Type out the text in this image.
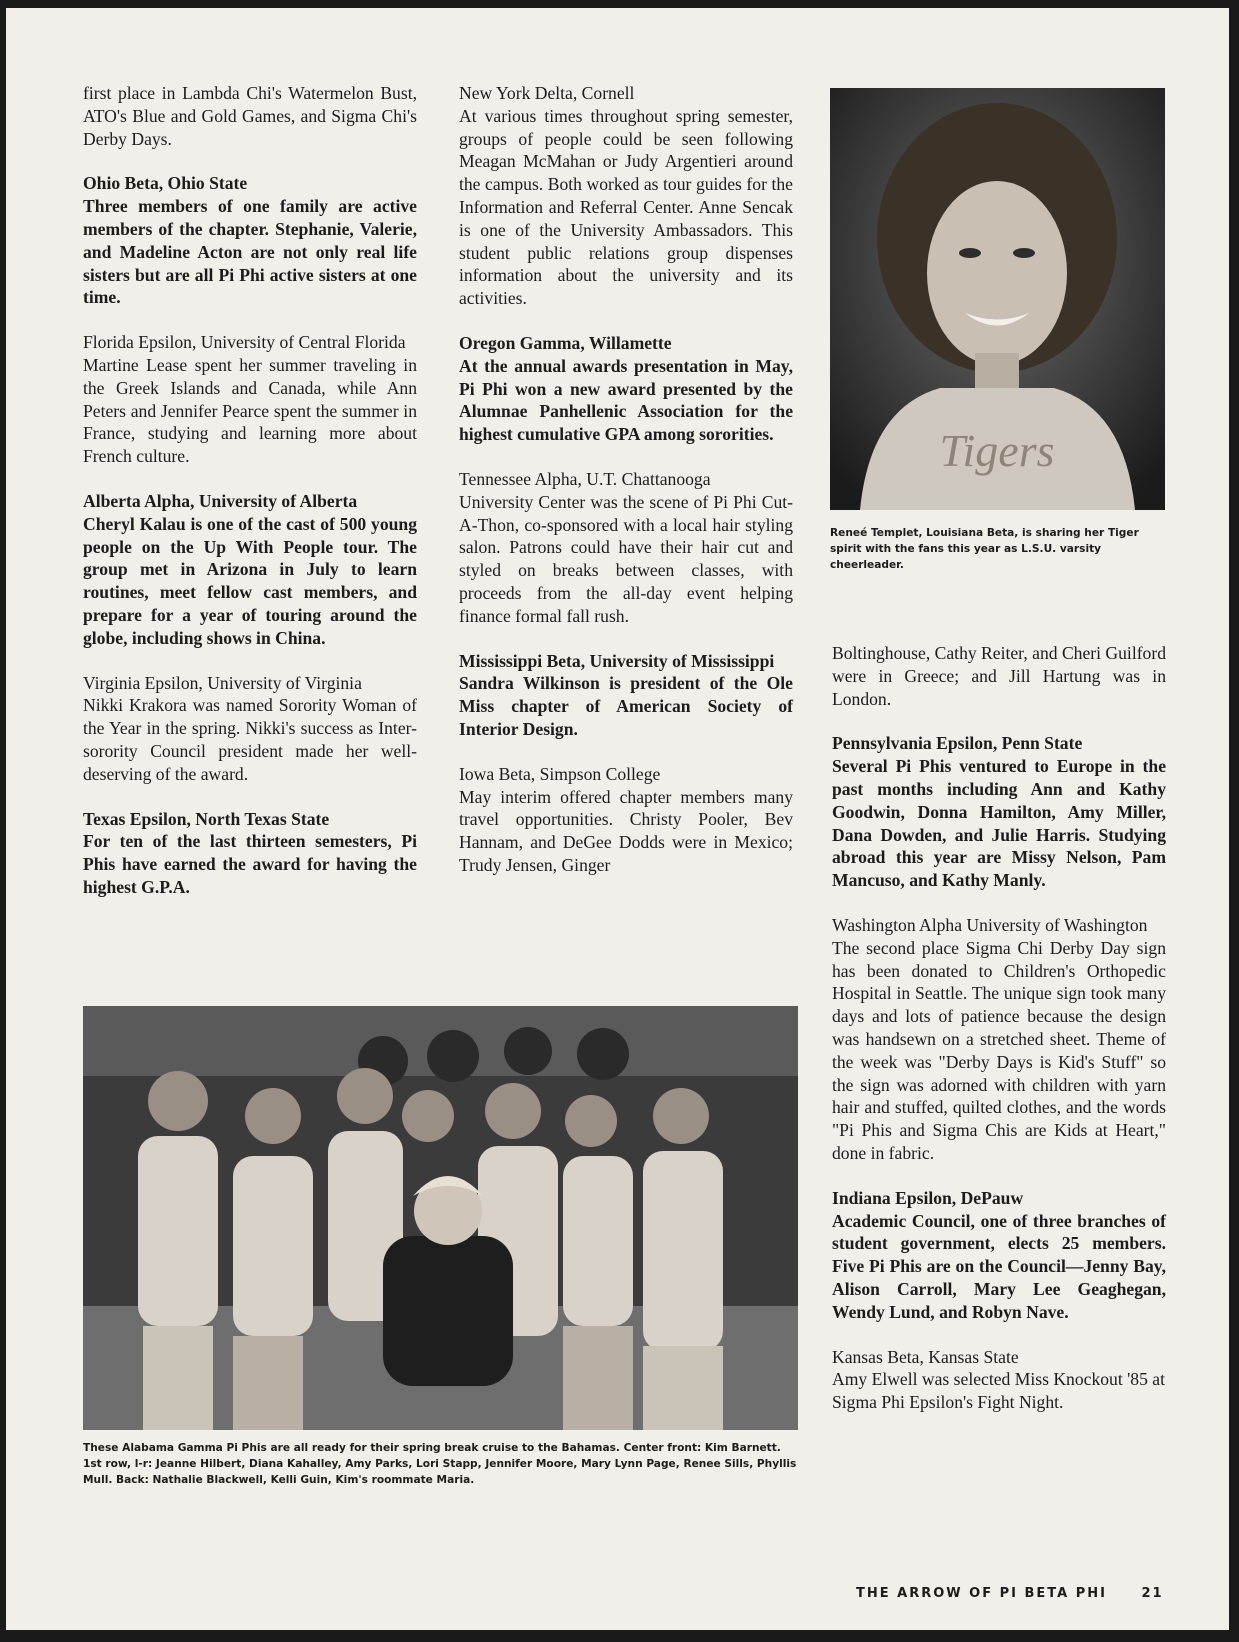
first place in Lambda Chi's Watermelon Bust, ATO's Blue and Gold Games, and Sigma Chi's Derby Days.

Ohio Beta, Ohio State
Three members of one family are active members of the chapter. Stephanie, Valerie, and Madeline Acton are not only real life sisters but are all Pi Phi active sisters at one time.

Florida Epsilon, University of Central Florida
Martine Lease spent her summer traveling in the Greek Islands and Canada, while Ann Peters and Jennifer Pearce spent the summer in France, studying and learning more about French culture.

Alberta Alpha, University of Alberta
Cheryl Kalau is one of the cast of 500 young people on the Up With People tour. The group met in Arizona in July to learn routines, meet fellow cast members, and prepare for a year of touring around the globe, including shows in China.

Virginia Epsilon, University of Virginia
Nikki Krakora was named Sorority Woman of the Year in the spring. Nikki's success as Inter-sorority Council president made her well-deserving of the award.

Texas Epsilon, North Texas State
For ten of the last thirteen semesters, Pi Phis have earned the award for having the highest G.P.A.

New York Delta, Cornell
At various times throughout spring semester, groups of people could be seen following Meagan McMahan or Judy Argentieri around the campus. Both worked as tour guides for the Information and Referral Center. Anne Sencak is one of the University Ambassadors. This student public relations group dispenses information about the university and its activities.

Oregon Gamma, Willamette
At the annual awards presentation in May, Pi Phi won a new award presented by the Alumnae Panhellenic Association for the highest cumulative GPA among sororities.

Tennessee Alpha, U.T. Chattanooga
University Center was the scene of Pi Phi Cut-A-Thon, co-sponsored with a local hair styling salon. Patrons could have their hair cut and styled on breaks between classes, with proceeds from the all-day event helping finance formal fall rush.

Mississippi Beta, University of Mississippi
Sandra Wilkinson is president of the Ole Miss chapter of American Society of Interior Design.

Iowa Beta, Simpson College
May interim offered chapter members many travel opportunities. Christy Pooler, Bev Hannam, and DeGee Dodds were in Mexico; Trudy Jensen, Ginger

Tigers
Reneé Templet, Louisiana Beta, is sharing her Tiger spirit with the fans this year as L.S.U. varsity cheerleader.

Boltinghouse, Cathy Reiter, and Cheri Guilford were in Greece; and Jill Hartung was in London.

Pennsylvania Epsilon, Penn State
Several Pi Phis ventured to Europe in the past months including Ann and Kathy Goodwin, Donna Hamilton, Amy Miller, Dana Dowden, and Julie Harris. Studying abroad this year are Missy Nelson, Pam Mancuso, and Kathy Manly.

Washington Alpha University of Washington
The second place Sigma Chi Derby Day sign has been donated to Children's Orthopedic Hospital in Seattle. The unique sign took many days and lots of patience because the design was handsewn on a stretched sheet. Theme of the week was "Derby Days is Kid's Stuff" so the sign was adorned with children with yarn hair and stuffed, quilted clothes, and the words "Pi Phis and Sigma Chis are Kids at Heart," done in fabric.

Indiana Epsilon, DePauw
Academic Council, one of three branches of student government, elects 25 members. Five Pi Phis are on the Council—Jenny Bay, Alison Carroll, Mary Lee Geaghegan, Wendy Lund, and Robyn Nave.

Kansas Beta, Kansas State
Amy Elwell was selected Miss Knockout '85 at Sigma Phi Epsilon's Fight Night.

These Alabama Gamma Pi Phis are all ready for their spring break cruise to the Bahamas. Center front: Kim Barnett. 1st row, l-r: Jeanne Hilbert, Diana Kahalley, Amy Parks, Lori Stapp, Jennifer Moore, Mary Lynn Page, Renee Sills, Phyllis Mull. Back: Nathalie Blackwell, Kelli Guin, Kim's roommate Maria.
THE ARROW OF PI BETA PHI	21
